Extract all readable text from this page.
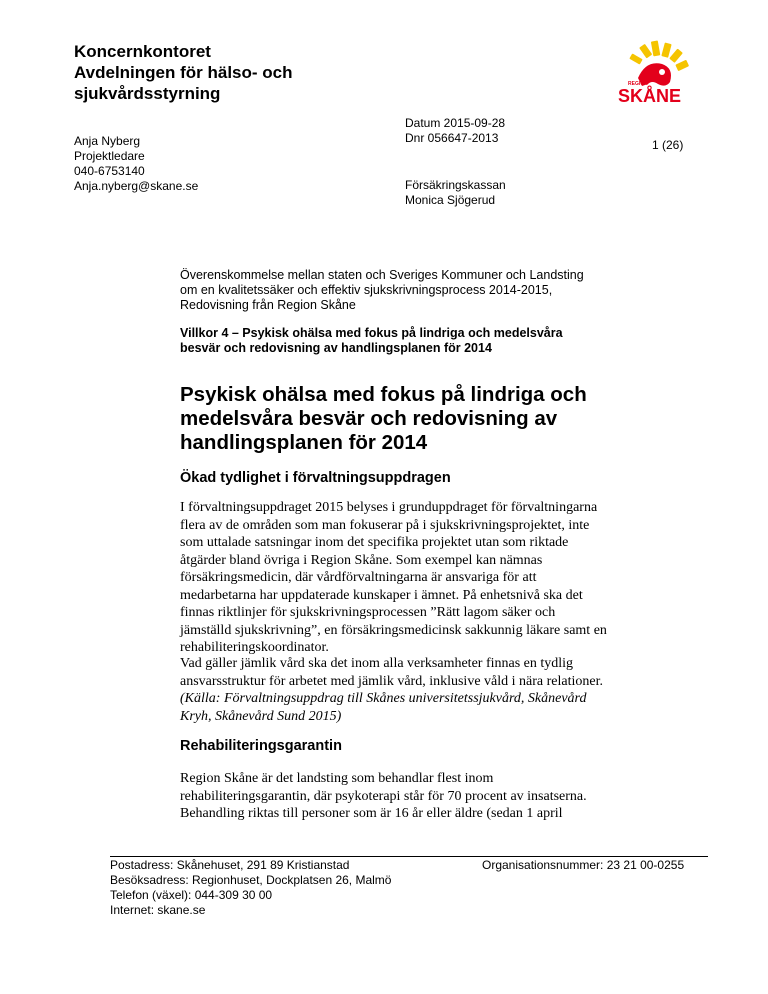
Koncernkontoret
Avdelningen för hälso- och
sjukvårdsstyrning	REGION
SKÅNE
Anja Nyberg
Projektledare
040-6753140
Anja.nyberg@skane.se
Datum 2015-09-28
Dnr 056647-2013	1 (26)
Försäkringskassan
Monica Sjögerud
Överenskommelse mellan staten och Sveriges Kommuner och Landsting
om en kvalitetssäker och effektiv sjukskrivningsprocess 2014-2015,
Redovisning från Region Skåne
Villkor 4 – Psykisk ohälsa med fokus på lindriga och medelsvåra
besvär och redovisning av handlingsplanen för 2014
Psykisk ohälsa med fokus på lindriga och
medelsvåra besvär och redovisning av
handlingsplanen för 2014
Ökad tydlighet i förvaltningsuppdragen
I förvaltningsuppdraget 2015 belyses i grunduppdraget för förvaltningarna
flera av de områden som man fokuserar på i sjukskrivningsprojektet, inte
som uttalade satsningar inom det specifika projektet utan som riktade
åtgärder bland övriga i Region Skåne. Som exempel kan nämnas
försäkringsmedicin, där vårdförvaltningarna är ansvariga för att
medarbetarna har uppdaterade kunskaper i ämnet. På enhetsnivå ska det
finnas riktlinjer för sjukskrivningsprocessen ”Rätt lagom säker och
jämställd sjukskrivning”, en försäkringsmedicinsk sakkunnig läkare samt en
rehabiliteringskoordinator.
Vad gäller jämlik vård ska det inom alla verksamheter finnas en tydlig
ansvarsstruktur för arbetet med jämlik vård, inklusive våld i nära relationer.
(Källa: Förvaltningsuppdrag till Skånes universitetssjukvård, Skånevård
Kryh, Skånevård Sund 2015)
Rehabiliteringsgarantin
Region Skåne är det landsting som behandlar flest inom
rehabiliteringsgarantin, där psykoterapi står för 70 procent av insatserna.
Behandling riktas till personer som är 16 år eller äldre (sedan 1 april
Postadress: Skånehuset, 291 89 Kristianstad
Besöksadress: Regionhuset, Dockplatsen 26, Malmö
Telefon (växel): 044-309 30 00
Internet: skane.se
Organisationsnummer: 23 21 00-0255
